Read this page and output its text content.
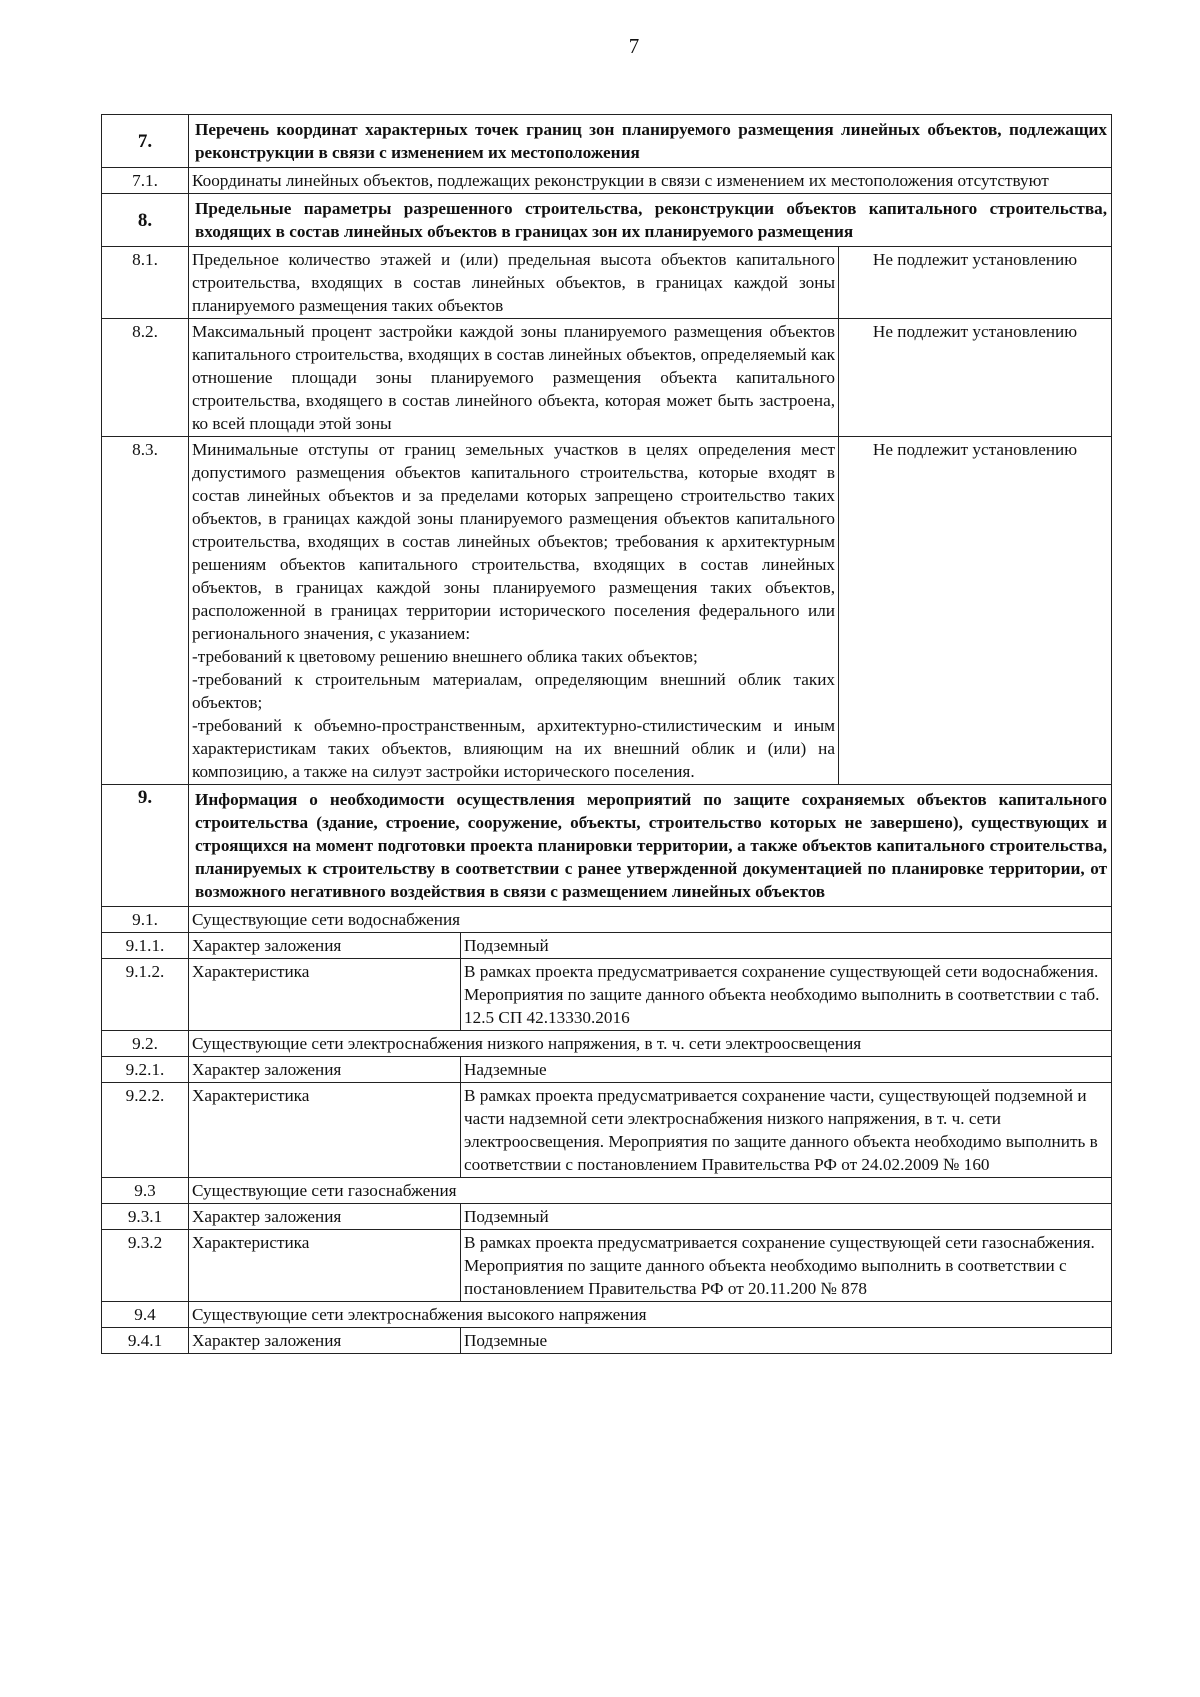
7
7.	Перечень координат характерных точек границ зон планируемого размещения линейных объектов, подлежащих реконструкции в связи с изменением их местоположения		
7.1.	Координаты линейных объектов, подлежащих реконструкции в связи с изменением их местоположения отсутствуют		
8.	Предельные параметры разрешенного строительства, реконструкции объектов капитального строительства, входящих в состав линейных объектов в границах зон их планируемого размещения		
8.1.	Предельное количество этажей и (или) предельная высота объектов капитального строительства, входящих в состав линейных объектов, в границах каждой зоны планируемого размещения таких объектов		Не подлежит установлению
8.2.	Максимальный процент застройки каждой зоны планируемого размещения объектов капитального строительства, входящих в состав линейных объектов, определяемый как отношение площади зоны планируемого размещения объекта капитального строительства, входящего в состав линейного объекта, которая может быть застроена, ко всей площади этой зоны		Не подлежит установлению
8.3.	Минимальные отступы от границ земельных участков в целях определения мест допустимого размещения объектов капитального строительства, которые входят в состав линейных объектов и за пределами которых запрещено строительство таких объектов, в границах каждой зоны планируемого размещения объектов капитального строительства, входящих в состав линейных объектов; требования к архитектурным решениям объектов капитального строительства, входящих в состав линейных объектов, в границах каждой зоны планируемого размещения таких объектов, расположенной в границах территории исторического поселения федерального или регионального значения, с указанием:
-требований к цветовому решению внешнего облика таких объектов;
-требований к строительным материалам, определяющим внешний облик таких объектов;
-требований к объемно-пространственным, архитектурно-стилистическим и иным характеристикам таких объектов, влияющим на их внешний облик и (или) на композицию, а также на силуэт застройки исторического поселения.		Не подлежит установлению
9.	Информация о необходимости осуществления мероприятий по защите сохраняемых объектов капитального строительства (здание, строение, сооружение, объекты, строительство которых не завершено), существующих и строящихся на момент подготовки проекта планировки территории, а также объектов капитального строительства, планируемых к строительству в соответствии с ранее утвержденной документацией по планировке территории, от возможного негативного воздействия в связи с размещением линейных объектов		
9.1.	Существующие сети водоснабжения		
9.1.1.	Характер заложения	Подземный	
9.1.2.	Характеристика	В рамках проекта предусматривается сохранение существующей сети водоснабжения. Мероприятия по защите данного объекта необходимо выполнить в соответствии с таб. 12.5 СП 42.13330.2016	
9.2.	Существующие сети электроснабжения низкого напряжения, в т. ч. сети электроосвещения		
9.2.1.	Характер заложения	Надземные	
9.2.2.	Характеристика	В рамках проекта предусматривается сохранение части, существующей подземной и части надземной сети электроснабжения низкого напряжения, в т. ч. сети электроосвещения. Мероприятия по защите данного объекта необходимо выполнить в соответствии с постановлением Правительства РФ от 24.02.2009 № 160	
9.3	Существующие сети газоснабжения		
9.3.1	Характер заложения	Подземный	
9.3.2	Характеристика	В рамках проекта предусматривается сохранение существующей сети газоснабжения. Мероприятия по защите данного объекта необходимо выполнить в соответствии с постановлением Правительства РФ от 20.11.200 № 878	
9.4	Существующие сети электроснабжения высокого напряжения		
9.4.1	Характер заложения	Подземные	
